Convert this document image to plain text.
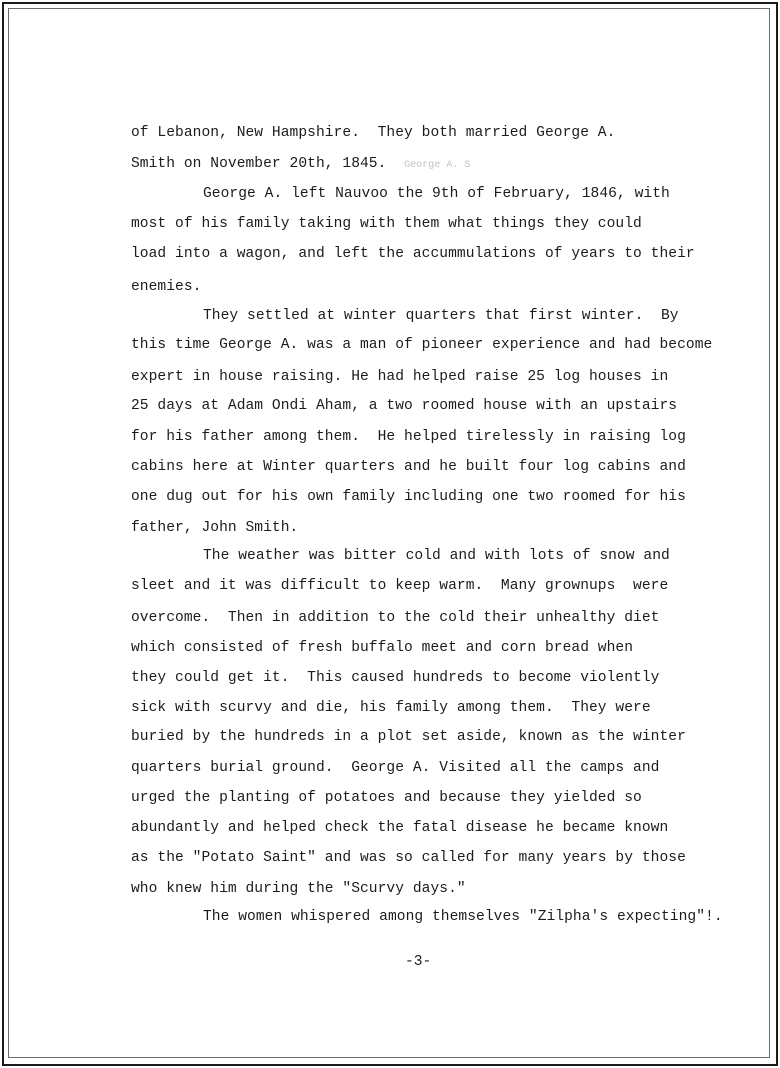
of Lebanon, New Hampshire.  They both married George A.
Smith on November 20th, 1845. George A. S
George A. left Nauvoo the 9th of February, 1846, with
most of his family taking with them what things they could
load into a wagon, and left the accummulations of years to their
enemies.
They settled at winter quarters that first winter.  By
this time George A. was a man of pioneer experience and had become
expert in house raising. He had helped raise 25 log houses in
25 days at Adam Ondi Aham, a two roomed house with an upstairs
for his father among them.  He helped tirelessly in raising log
cabins here at Winter quarters and he built four log cabins and
one dug out for his own family including one two roomed for his
father, John Smith.
The weather was bitter cold and with lots of snow and
sleet and it was difficult to keep warm.  Many grownups  were
overcome.  Then in addition to the cold their unhealthy diet
which consisted of fresh buffalo meet and corn bread when
they could get it.  This caused hundreds to become violently
sick with scurvy and die, his family among them.  They were
buried by the hundreds in a plot set aside, known as the winter
quarters burial ground.  George A. Visited all the camps and
urged the planting of potatoes and because they yielded so
abundantly and helped check the fatal disease he became known
as the "Potato Saint" and was so called for many years by those
who knew him during the "Scurvy days."
The women whispered among themselves "Zilpha's expecting"!.
-3-
